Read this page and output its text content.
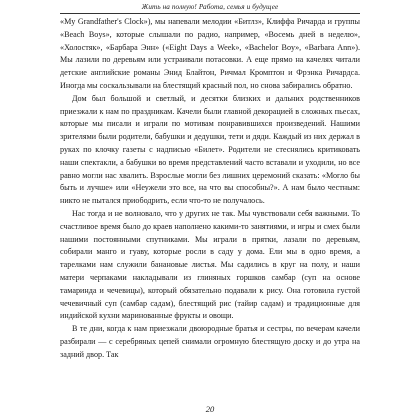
Жить на полную! Работа, семья и будущее

«My Grandfather's Clock»), мы напевали мелодии «Битлз», Клиффа Ричарда и группы «Beach Boys», которые слышали по радио, например, «Восемь дней в неделю», «Холостяк», «Барбара Энн» («Eight Days a Week», «Bachelor Boy», «Barbara Ann»). Мы лазили по деревьям или устраивали потасовки. А еще прямо на качелях читали детские английские романы Энид Блайтон, Ричмал Кромптон и Фрэнка Ричардса. Иногда мы соскальзывали на блестящий красный пол, но снова забирались обратно.

Дом был большой и светлый, и десятки близких и дальних родственников приезжали к нам по праздникам. Качели были главной декорацией в сложных пьесах, которые мы писали и играли по мотивам понравившихся произведений. Нашими зрителями были родители, бабушки и дедушки, тети и дяди. Каждый из них держал в руках по клочку газеты с надписью «Билет». Родители не стеснялись критиковать наши спектакли, а бабушки во время представлений часто вставали и уходили, но все равно могли нас хвалить. Взрослые могли без лишних церемоний сказать: «Могло бы быть и лучше» или «Неужели это все, на что вы способны?». А нам было честным: никто не пытался приободрить, если что-то не получалось.

Нас тогда и не волновало, что у других не так. Мы чувствовали себя важными. То счастливое время было до краев наполнено какими-то занятиями, и игры и смех были нашими постоянными спутниками. Мы играли в прятки, лазали по деревьям, собирали манго и гуаву, которые росли в саду у дома. Ели мы в одно время, а тарелками нам служили банановые листья. Мы садились в круг на полу, и наши матери черпаками накладывали из глиняных горшков самбар (суп на основе тамаринда и чечевицы), который обязательно подавали к рису. Она готовила густой чечевичный суп (самбар садам), блестящий рис (тайир садам) и традиционные для индийской кухни маринованные фрукты и овощи.

В те дни, когда к нам приезжали двоюродные братья и сестры, по вечерам качели разбирали — с серебряных цепей снимали огромную блестящую доску и до утра на задний двор. Так

20
